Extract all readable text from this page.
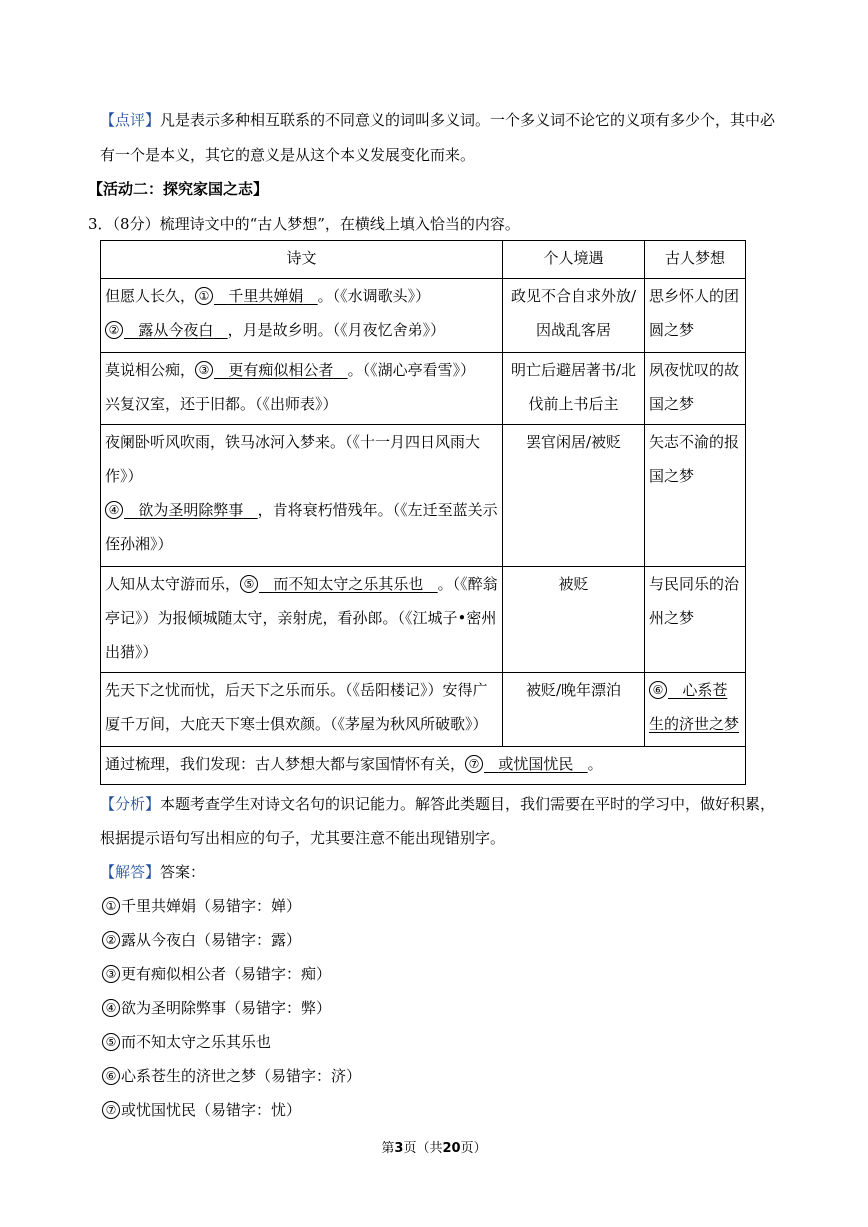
【点评】凡是表示多种相互联系的不同意义的词叫多义词。一个多义词不论它的义项有多少个，其中必
有一个是本义，其它的意义是从这个本义发展变化而来。
【活动二：探究家国之志】
3．（8分）梳理诗文中的“古人梦想”，在横线上填入恰当的内容。
诗文	个人境遇	古人梦想

但愿人长久， ① 千里共婵娟 。（《水调歌头》）
② 露从今夜白 ，月是故乡明。（《月夜忆舍弟》）	政见不合自求外放/因战乱客居	思乡怀人的团圆之梦

莫说相公痴， ③ 更有痴似相公者 。（《湖心亭看雪》）
兴复汉室，还于旧都。（《出师表》）	明亡后避居著书/北伐前上书后主	夙夜忧叹的故国之梦

夜阑卧听风吹雨，铁马冰河入梦来。（《十一月四日风雨大作》）
④ 欲为圣明除弊事 ，肯将衰朽惜残年。（《左迁至蓝关示侄孙湘》）	罢官闲居/被贬	矢志不渝的报国之梦
人知从太守游而乐， ⑤ 而不知太守之乐其乐也 。（《醉翁亭记》）为报倾城随太守，亲射虎，看孙郎。（《江城子•密州出猎》）	被贬	与民同乐的治州之梦
先天下之忧而忧，后天下之乐而乐。（《岳阳楼记》）安得广厦千万间，大庇天下寒士俱欢颜。（《茅屋为秋风所破歌》）	被贬/晚年漂泊	⑥ 心系苍生的济世之梦
通过梳理，我们发现：古人梦想大都与家国情怀有关， ⑦ 或忧国忧民 。		
【分析】本题考查学生对诗文名句的识记能力。解答此类题目，我们需要在平时的学习中，做好积累，
根据提示语句写出相应的句子，尤其要注意不能出现错别字。
【解答】答案：
① 千里共婵娟（易错字：婵）
② 露从今夜白（易错字：露）
③ 更有痴似相公者（易错字：痴）
④ 欲为圣明除弊事（易错字：弊）
⑤ 而不知太守之乐其乐也
⑥ 心系苍生的济世之梦（易错字：济）
⑦ 或忧国忧民（易错字：忧）
第3页（共20页）
